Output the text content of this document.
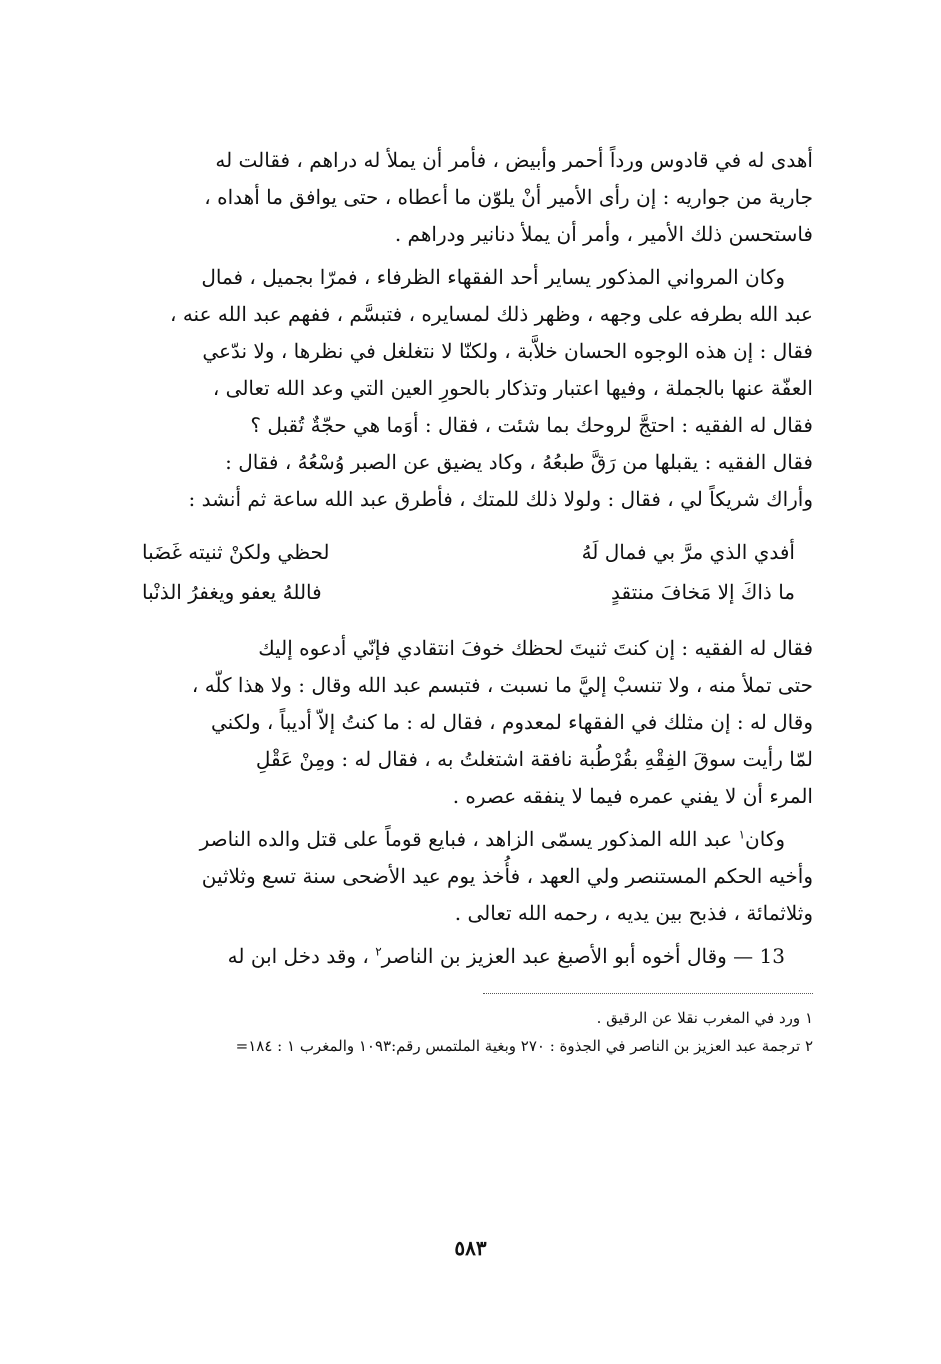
أهدى له في قادوس ورداً أحمر وأبيض ، فأمر أن يملأ له دراهم ، فقالت له
جارية من جواريه : إن رأى الأمير أنْ يلوّن ما أعطاه ، حتى يوافق ما أهداه ،
فاستحسن ذلك الأمير ، وأمر أن يملأ دنانير ودراهم .

وكان المرواني المذكور يساير أحد الفقهاء الظرفاء ، فمرّا بجميل ، فمال
عبد الله بطرفه على وجهه ، وظهر ذلك لمسايره ، فتبسَّم ، ففهم عبد الله عنه ،
فقال : إن هذه الوجوه الحسان خلاَّبة ، ولكنّا لا نتغلغل في نظرها ، ولا ندّعي
العفّة عنها بالجملة ، وفيها اعتبار وتذكار بالحورِ العين التي وعد الله تعالى ،
فقال له الفقيه : احتجَّ لروحك بما شئت ، فقال : أوَما هي حجّةٌ تُقبل ؟
فقال الفقيه : يقبلها من رَقَّ طبعُهُ ، وكاد يضيق عن الصبر وُسْعُهُ ، فقال :
وأراك شريكاً لي ، فقال : ولولا ذلك للمتك ، فأطرق عبد الله ساعة ثم أنشد :

أفدي الذي مرَّ بي فمال لَهُ
لحظي ولكنْ ثنيته غَضَبا
ما ذاكَ إلا مَخافَ منتقدٍ
فاللهُ يعفو ويغفرُ الذنْبا

فقال له الفقيه : إن كنتَ ثنيتَ لحظك خوفَ انتقادي فإنّي أدعوه إليك
حتى تملأ منه ، ولا تنسبْ إليَّ ما نسبت ، فتبسم عبد الله وقال : ولا هذا كلّه ،
وقال له : إن مثلك في الفقهاء لمعدوم ، فقال له : ما كنتُ إلاّ أديباً ، ولكني
لمّا رأيت سوقَ الفِقْهِ بقُرْطُبة نافقة اشتغلتُ به ، فقال له : ومِنْ عَقْلِ
المرء أن لا يفني عمره فيما لا ينفقه عصره .

وكان$^١$ عبد الله المذكور يسمّى الزاهد ، فبايع قوماً على قتل والده الناصر
وأخيه الحكم المستنصر ولي العهد ، فأُخذ يوم عيد الأضحى سنة تسع وثلاثين
وثلاثمائة ، فذبح بين يديه ، رحمه الله تعالى .

13 — وقال أخوه أبو الأصبغ عبد العزيز بن الناصر$^٢$ ، وقد دخل ابن له

١ ورد في المغرب نقلا عن الرقيق .

٢ ترجمة عبد العزيز بن الناصر في الجذوة : ٢٧٠ وبغية الملتمس رقم:١٠٩٣ والمغرب ١ : ١٨٤=

٥٨٣
